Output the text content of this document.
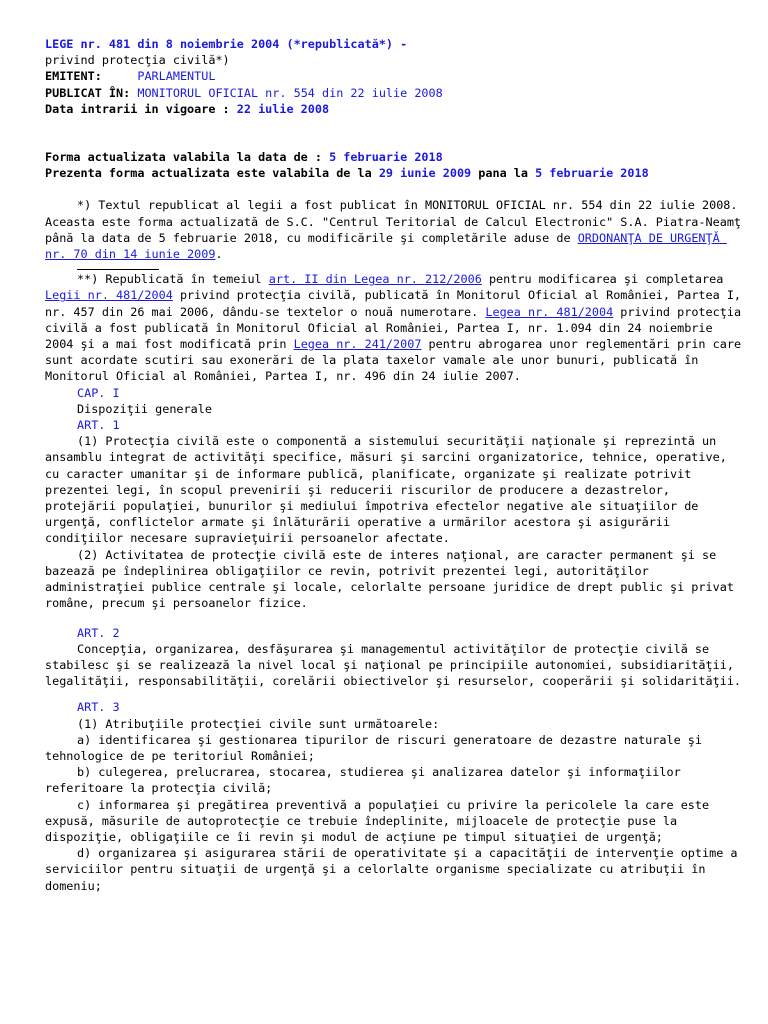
LEGE nr. 481 din 8 noiembrie 2004 (*republicată*) -

privind protecţia civilă*)

EMITENT:	PARLAMENTUL

PUBLICAT ÎN: MONITORUL OFICIAL nr. 554 din 22 iulie 2008

Data intrarii in vigoare : 22 iulie 2008

Forma actualizata valabila la data de : 5 februarie 2018

Prezenta forma actualizata este valabila de la 29 iunie 2009 pana la 5 februarie 2018

*) Textul republicat al legii a fost publicat în MONITORUL OFICIAL nr. 554 din 22 iulie 2008. Aceasta este forma actualizată de S.C. "Centrul Teritorial de Calcul Electronic" S.A. Piatra-Neamţ până la data de 5 februarie 2018, cu modificările şi completările aduse de ORDONANŢA DE URGENŢĂ nr. 70 din 14 iunie 2009.

**) Republicată în temeiul art. II din Legea nr. 212/2006 pentru modificarea şi completarea Legii nr. 481/2004 privind protecţia civilă, publicată în Monitorul Oficial al României, Partea I, nr. 457 din 26 mai 2006, dându-se textelor o nouă numerotare. Legea nr. 481/2004 privind protecţia civilă a fost publicată în Monitorul Oficial al României, Partea I, nr. 1.094 din 24 noiembrie 2004 şi a mai fost modificată prin Legea nr. 241/2007 pentru abrogarea unor reglementări prin care sunt acordate scutiri sau exonerări de la plata taxelor vamale ale unor bunuri, publicată în Monitorul Oficial al României, Partea I, nr. 496 din 24 iulie 2007.

CAP. I

Dispoziţii generale

ART. 1

(1) Protecţia civilă este o componentă a sistemului securităţii naţionale şi reprezintă un ansamblu integrat de activităţi specifice, măsuri şi sarcini organizatorice, tehnice, operative, cu caracter umanitar şi de informare publică, planificate, organizate şi realizate potrivit prezentei legi, în scopul prevenirii şi reducerii riscurilor de producere a dezastrelor, protejării populaţiei, bunurilor şi mediului împotriva efectelor negative ale situaţiilor de urgenţă, conflictelor armate şi înlăturării operative a urmărilor acestora şi asigurării condiţiilor necesare supravieţuirii persoanelor afectate.

(2) Activitatea de protecţie civilă este de interes naţional, are caracter permanent şi se bazează pe îndeplinirea obligaţiilor ce revin, potrivit prezentei legi, autorităţilor administraţiei publice centrale şi locale, celorlalte persoane juridice de drept public şi privat române, precum şi persoanelor fizice.

ART. 2

Concepţia, organizarea, desfăşurarea şi managementul activităţilor de protecţie civilă se stabilesc şi se realizează la nivel local şi naţional pe principiile autonomiei, subsidiarităţii, legalităţii, responsabilităţii, corelării obiectivelor şi resurselor, cooperării şi solidarităţii.

ART. 3

(1) Atribuţiile protecţiei civile sunt următoarele:

a) identificarea şi gestionarea tipurilor de riscuri generatoare de dezastre naturale şi tehnologice de pe teritoriul României;

b) culegerea, prelucrarea, stocarea, studierea şi analizarea datelor şi informaţiilor referitoare la protecţia civilă;

c) informarea şi pregătirea preventivă a populaţiei cu privire la pericolele la care este expusă, măsurile de autoprotecţie ce trebuie îndeplinite, mijloacele de protecţie puse la dispoziţie, obligaţiile ce îi revin şi modul de acţiune pe timpul situaţiei de urgenţă;

d) organizarea şi asigurarea stării de operativitate şi a capacităţii de intervenţie optime a serviciilor pentru situaţii de urgenţă şi a celorlalte organisme specializate cu atribuţii în domeniu;
